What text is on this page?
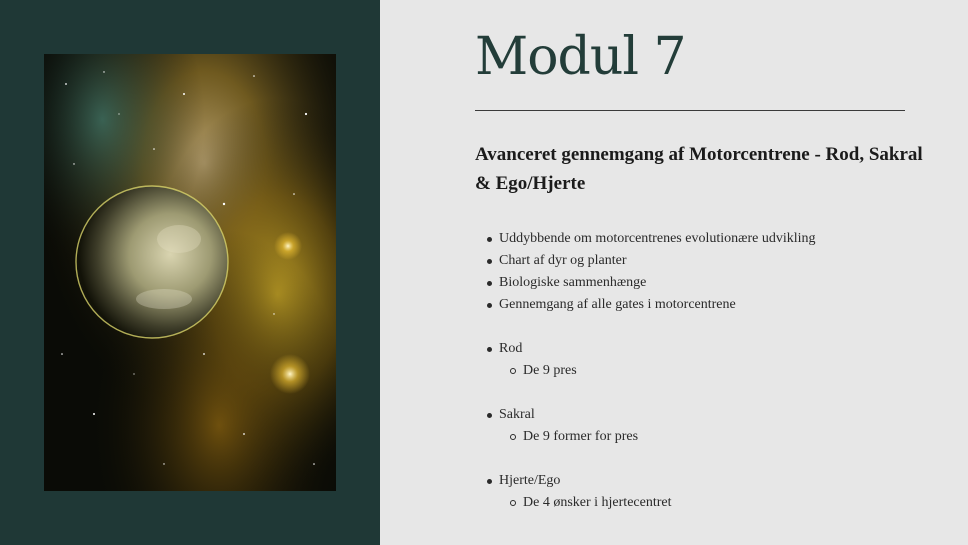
Modul 7
Avanceret gennemgang af Motorcentrene - Rod, Sakral & Ego/Hjerte
Uddybbende om motorcentrenes evolutionære udvikling
Chart af dyr og planter
Biologiske sammenhænge
Gennemgang af alle gates i motorcentrene
Rod
De 9 pres
Sakral
De 9 former for pres
Hjerte/Ego
De 4 ønsker i hjertecentret
